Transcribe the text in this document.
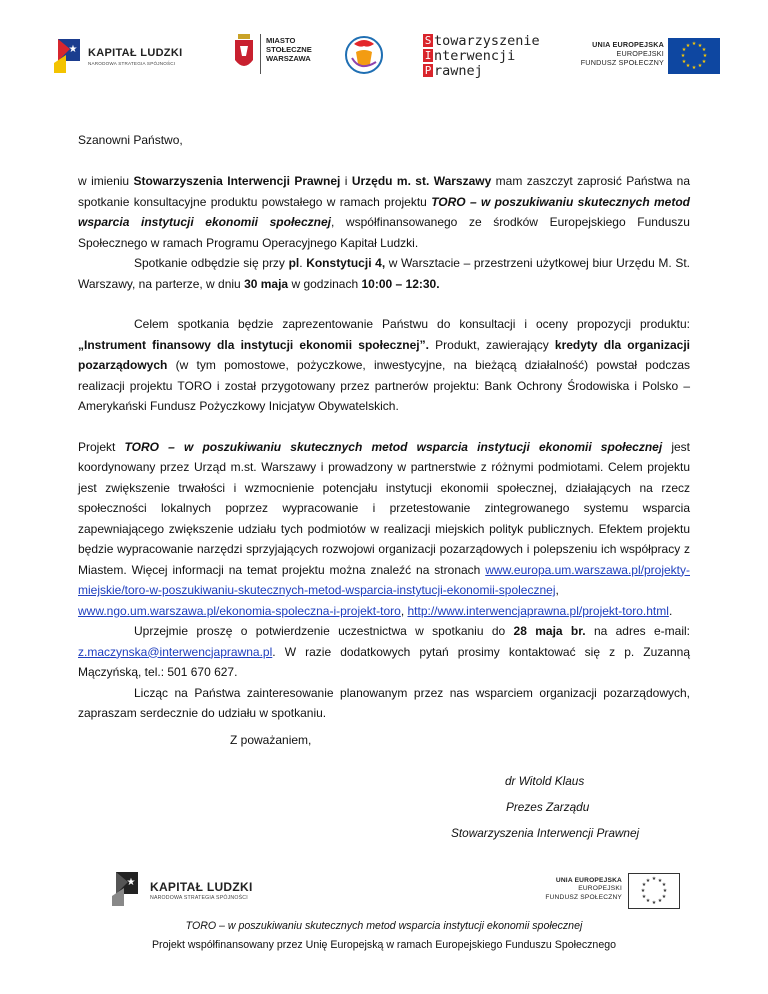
★ KAPITAŁ LUDZKI
NARODOWA STRATEGIA SPÓJNOŚCI
MIASTO
STOŁECZNE
WARSZAWA
S towarzyszenie
I nterwencji
P rawnej
UNIA EUROPEJSKA
EUROPEJSKI
FUNDUSZ SPOŁECZNY
★ ★
★
★
★
★
★
★
★
★
★
★
Szanowni Państwo,

w imieniu Stowarzyszenia Interwencji Prawnej i Urzędu m. st. Warszawy mam zaszczyt zaprosić Państwa na spotkanie konsultacyjne produktu powstałego w ramach projektu TORO – w poszukiwaniu skutecznych metod wsparcia instytucji ekonomii społecznej, współfinansowanego ze środków Europejskiego Funduszu Społecznego w ramach Programu Operacyjnego Kapitał Ludzki.

Spotkanie odbędzie się przy pl. Konstytucji 4, w Warsztacie – przestrzeni użytkowej biur Urzędu M. St. Warszawy, na parterze, w dniu 30 maja w godzinach 10:00 – 12:30.

Celem spotkania będzie zaprezentowanie Państwu do konsultacji i oceny propozycji produktu: „Instrument finansowy dla instytucji ekonomii społecznej”. Produkt, zawierający kredyty dla organizacji pozarządowych (w tym pomostowe, pożyczkowe, inwestycyjne, na bieżącą działalność) powstał podczas realizacji projektu TORO i został przygotowany przez partnerów projektu: Bank Ochrony Środowiska i Polsko – Amerykański Fundusz Pożyczkowy Inicjatyw Obywatelskich.

Projekt TORO – w poszukiwaniu skutecznych metod wsparcia instytucji ekonomii społecznej jest koordynowany przez Urząd m.st. Warszawy i prowadzony w partnerstwie z różnymi podmiotami. Celem projektu jest zwiększenie trwałości i wzmocnienie potencjału instytucji ekonomii społecznej, działających na rzecz społeczności lokalnych poprzez wypracowanie i przetestowanie zintegrowanego systemu wsparcia zapewniającego zwiększenie udziału tych podmiotów w realizacji miejskich polityk publicznych. Efektem projektu będzie wypracowanie narzędzi sprzyjających rozwojowi organizacji pozarządowych i polepszeniu ich współpracy z Miastem. Więcej informacji na temat projektu można znaleźć na stronach www.europa.um.warszawa.pl/projekty-miejskie/toro-w-poszukiwaniu-skutecznych-metod-wsparcia-instytucji-ekonomii-spolecznej, www.ngo.um.warszawa.pl/ekonomia-spoleczna-i-projekt-toro, http://www.interwencjaprawna.pl/projekt-toro.html.

Uprzejmie proszę o potwierdzenie uczestnictwa w spotkaniu do 28 maja br. na adres e-mail: z.maczynska@interwencjaprawna.pl. W razie dodatkowych pytań prosimy kontaktować się z p. Zuzanną Mączyńską, tel.: 501 670 627.

Licząc na Państwa zainteresowanie planowanym przez nas wsparciem organizacji pozarządowych, zapraszam serdecznie do udziału w spotkaniu.

Z poważaniem,
dr Witold Klaus
Prezes Zarządu
Stowarzyszenia Interwencji Prawnej
★ KAPITAŁ LUDZKI
NARODOWA STRATEGIA SPÓJNOŚCI
UNIA EUROPEJSKA
EUROPEJSKI
FUNDUSZ SPOŁECZNY
★ ★
★
★
★
★
★
★
★
★
★
★
TORO – w poszukiwaniu skutecznych metod wsparcia instytucji ekonomii społecznej
Projekt współfinansowany przez Unię Europejską w ramach Europejskiego Funduszu Społecznego
